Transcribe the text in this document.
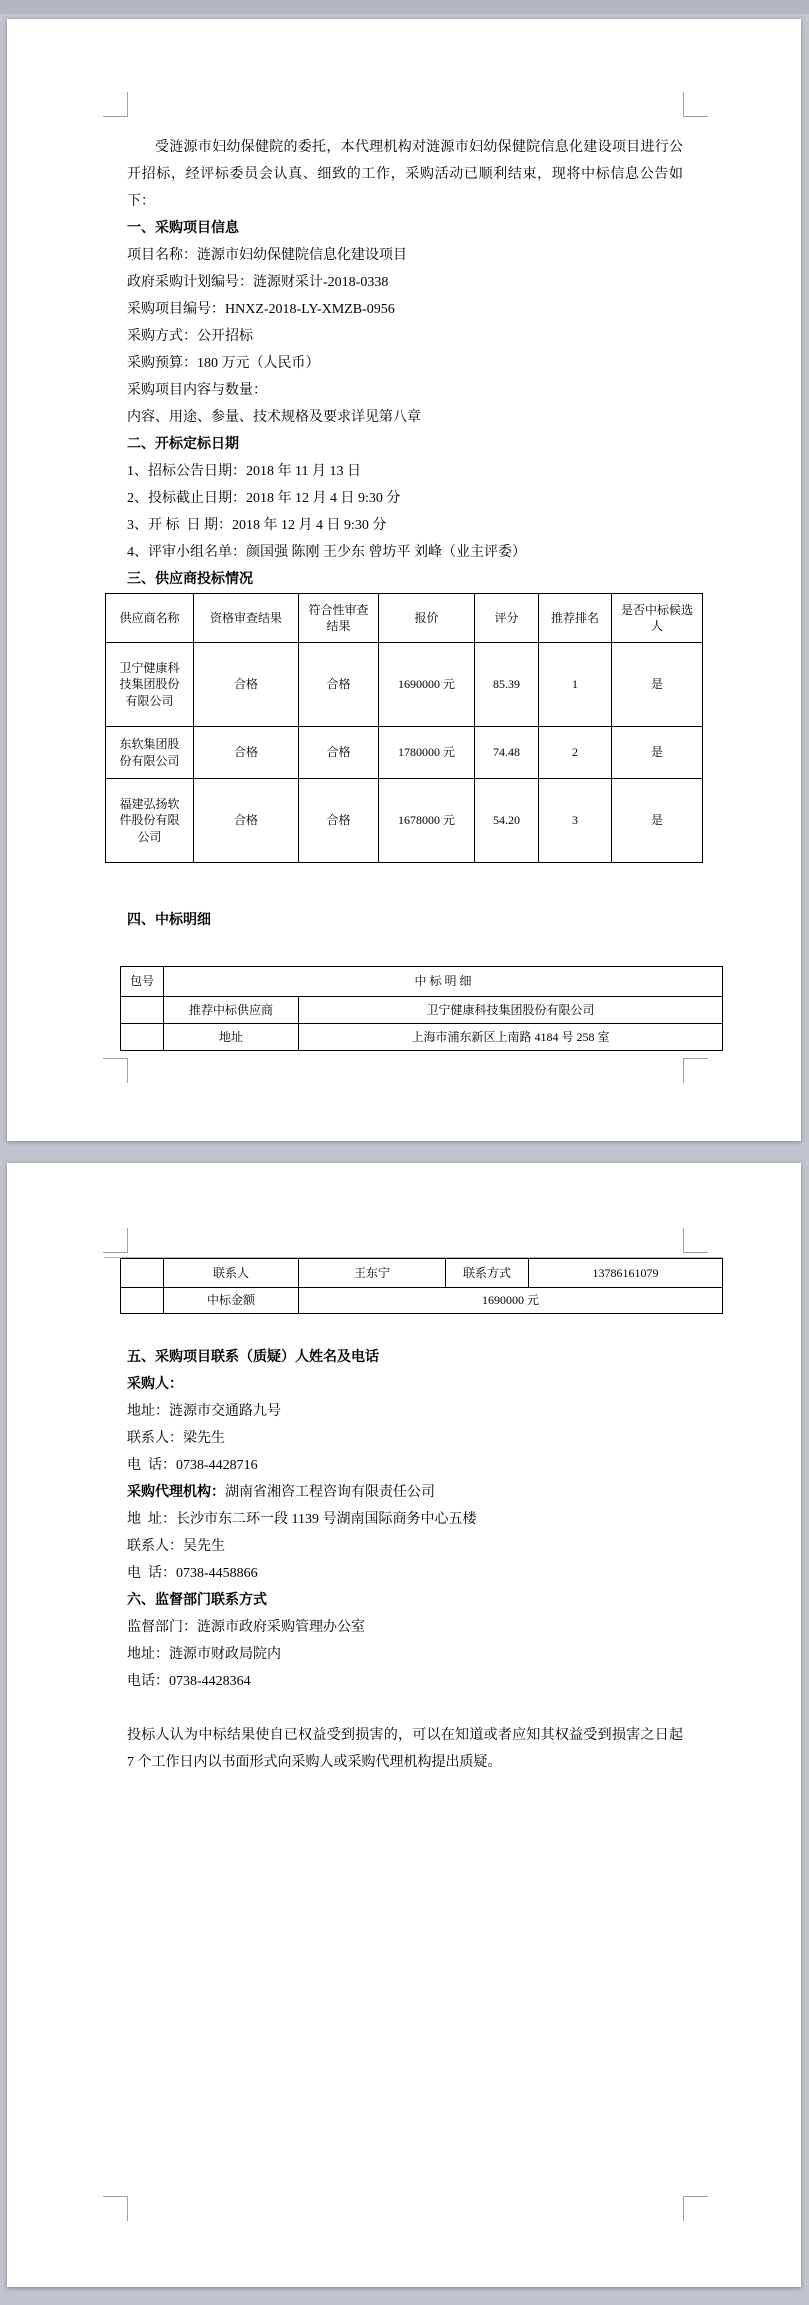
受涟源市妇幼保健院的委托，本代理机构对涟源市妇幼保健院信息化建设项目进行公开招标，经评标委员会认真、细致的工作，采购活动已顺利结束，现将中标信息公告如下：

一、采购项目信息
项目名称：涟源市妇幼保健院信息化建设项目
政府采购计划编号：涟源财采计-2018-0338
采购项目编号：HNXZ-2018-LY-XMZB-0956
采购方式：公开招标
采购预算：180 万元（人民币）
采购项目内容与数量：
内容、用途、参量、技术规格及要求详见第八章
二、开标定标日期
1、招标公告日期：2018 年 11 月 13 日
2、投标截止日期：2018 年 12 月 4 日 9:30 分
3、开 标  日 期：2018 年 12 月 4 日 9:30 分
4、评审小组名单：颜国强 陈刚 王少东 曾坊平 刘峰（业主评委）
三、供应商投标情况
供应商名称	资格审查结果	符合性审查结果	报价	评分	推荐排名	是否中标候选人
卫宁健康科技集团股份有限公司	合格	合格	1690000 元	85.39	1	是
东软集团股份有限公司	合格	合格	1780000 元	74.48	2	是
福建弘扬软件股份有限公司	合格	合格	1678000 元	54.20	3	是
四、中标明细
包号	中 标 明 细	
	推荐中标供应商	卫宁健康科技集团股份有限公司
	地址	上海市浦东新区上南路 4184 号 258 室
	联系人	王东宁	联系方式	13786161079
	中标金额	1690000 元		
五、采购项目联系（质疑）人姓名及电话
采购人：
地址：涟源市交通路九号
联系人：梁先生
电  话：0738-4428716
采购代理机构：湖南省湘咨工程咨询有限责任公司
地  址：长沙市东二环一段 1139 号湖南国际商务中心五楼
联系人：吴先生
电  话：0738-4458866
六、监督部门联系方式
监督部门：涟源市政府采购管理办公室
地址：涟源市财政局院内
电话：0738-4428364

投标人认为中标结果使自已权益受到损害的，可以在知道或者应知其权益受到损害之日起 7 个工作日内以书面形式向采购人或采购代理机构提出质疑。
